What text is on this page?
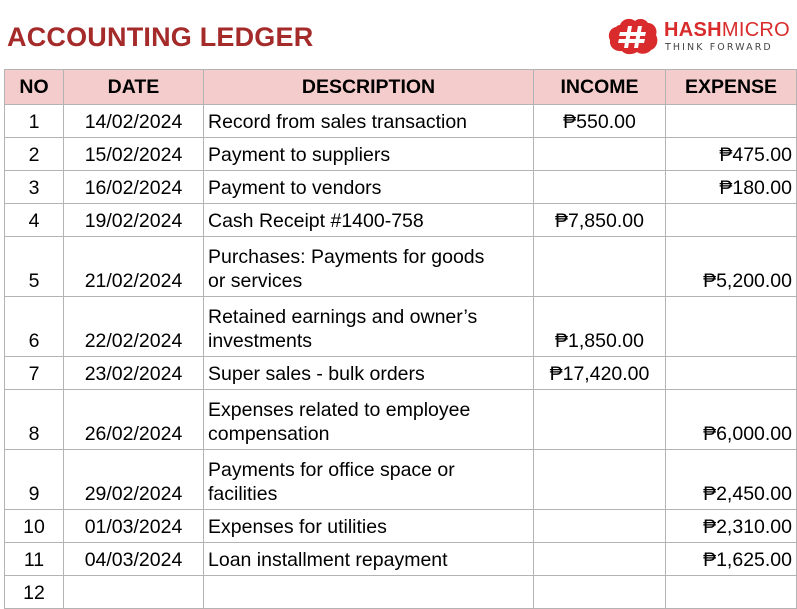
ACCOUNTING LEDGER	HASHMICRO
THINK FORWARD
NO	DATE	DESCRIPTION	INCOME	EXPENSE
1	14/02/2024	Record from sales transaction	₱550.00	
2	15/02/2024	Payment to suppliers		₱475.00
3	16/02/2024	Payment to vendors		₱180.00
4	19/02/2024	Cash Receipt #1400-758	₱7,850.00	
5	21/02/2024	Purchases: Payments for goods
or services		₱5,200.00
6	22/02/2024	Retained earnings and owner’s
investments	₱1,850.00	
7	23/02/2024	Super sales - bulk orders	₱17,420.00	
8	26/02/2024	Expenses related to employee
compensation		₱6,000.00
9	29/02/2024	Payments for office space or
facilities		₱2,450.00
10	01/03/2024	Expenses for utilities		₱2,310.00
11	04/03/2024	Loan installment repayment		₱1,625.00
12		
